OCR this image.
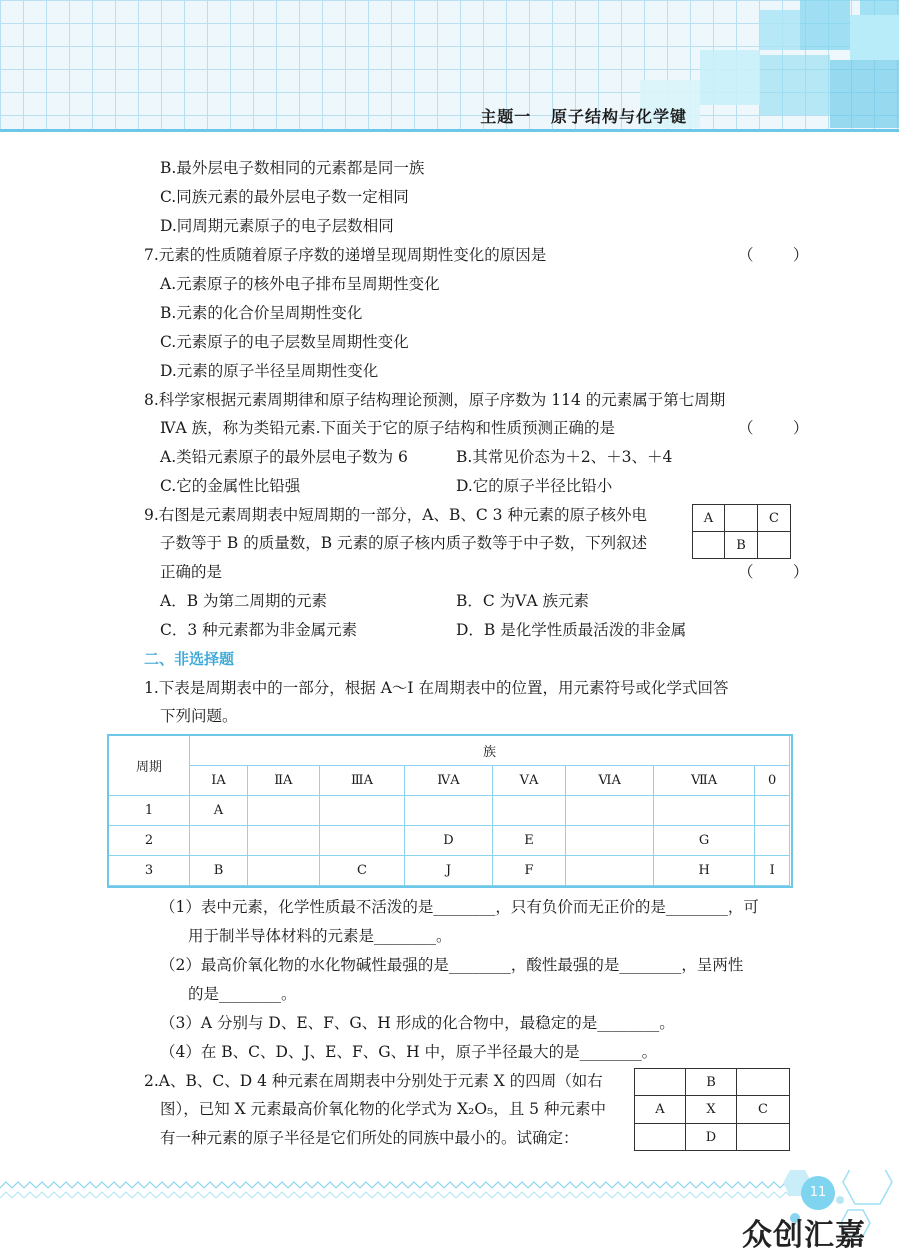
主题一   原子结构与化学键
B.最外层电子数相同的元素都是同一族
C.同族元素的最外层电子数一定相同
D.同周期元素原子的电子层数相同
7.元素的性质随着原子序数的递增呈现周期性变化的原因是	（        ）
A.元素原子的核外电子排布呈周期性变化
B.元素的化合价呈周期性变化
C.元素原子的电子层数呈周期性变化
D.元素的原子半径呈周期性变化
8.科学家根据元素周期律和原子结构理论预测，原子序数为 114 的元素属于第七周期
ⅣA 族，称为类铅元素.下面关于它的原子结构和性质预测正确的是	（        ）
A.类铅元素原子的最外层电子数为 6	B.其常见价态为＋2、＋3、＋4
C.它的金属性比铅强	D.它的原子半径比铅小
9.右图是元素周期表中短周期的一部分，A、B、C 3 种元素的原子核外电
子数等于 B 的质量数，B 元素的原子核内质子数等于中子数，下列叙述
正确的是	（        ）
A		C
	B	
A．B 为第二周期的元素	B．C 为ⅤA 族元素
C．3 种元素都为非金属元素	D．B 是化学性质最活泼的非金属
二、非选择题
1.下表是周期表中的一部分，根据 A～I 在周期表中的位置，用元素符号或化学式回答
下列问题。
周期	族							
	ⅠA	ⅡA	ⅢA	ⅣA	ⅤA	ⅥA	ⅦA	0
1	A							
2				D	E		G	
3	B		C	J	F		H	I
（1）表中元素，化学性质最不活泼的是________，只有负价而无正价的是________，可
用于制半导体材料的元素是________。
（2）最高价氧化物的水化物碱性最强的是________，酸性最强的是________，呈两性
的是________。
（3）A 分别与 D、E、F、G、H 形成的化合物中，最稳定的是________。
（4）在 B、C、D、J、E、F、G、H 中，原子半径最大的是________。
2.A、B、C、D 4 种元素在周期表中分别处于元素 X 的四周（如右
图），已知 X 元素最高价氧化物的化学式为 X₂O₅，且 5 种元素中
有一种元素的原子半径是它们所处的同族中最小的。试确定：
	B	
A	X	C
	D	
11
众创汇嘉
